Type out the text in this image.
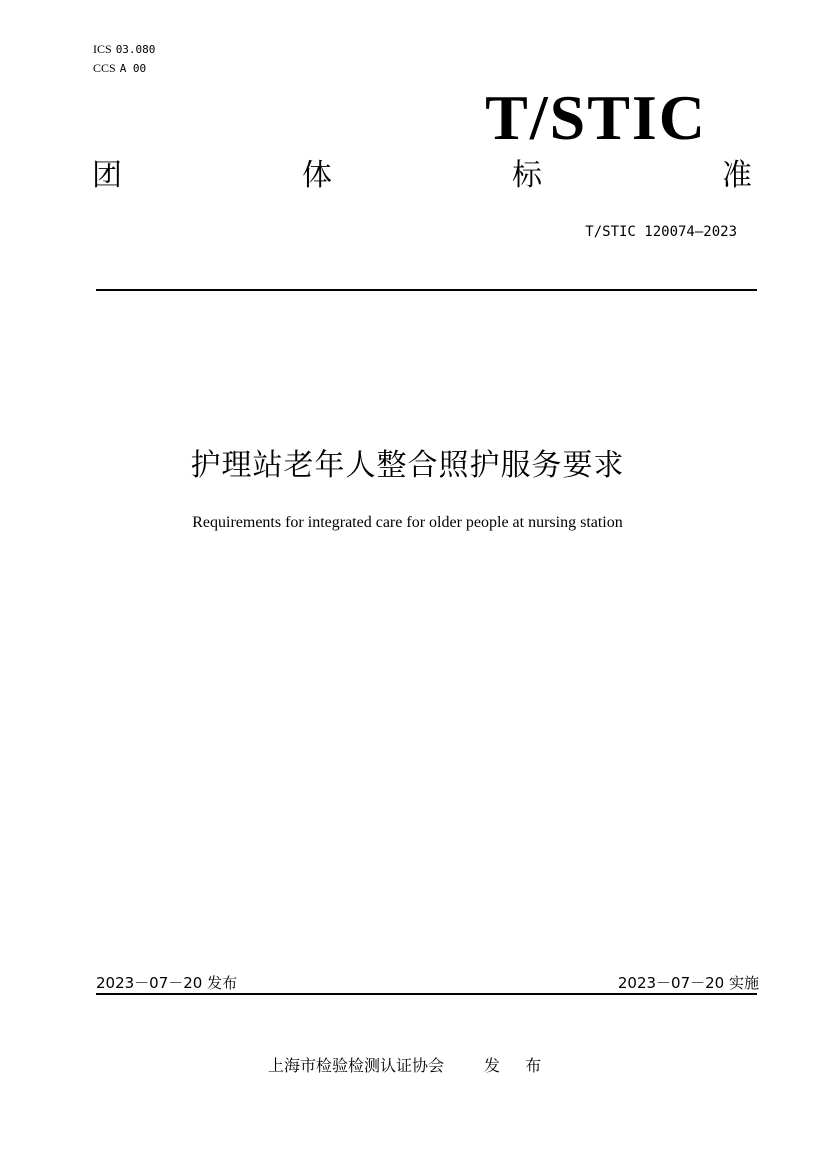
ICS 03.080
CCS A 00
T/STIC
团	体	标	准
T/STIC 120074—2023
护理站老年人整合照护服务要求
Requirements for integrated care for older people at nursing station
2023－07－20 发布	2023－07－20 实施
上海市检验检测认证协会	发 布
